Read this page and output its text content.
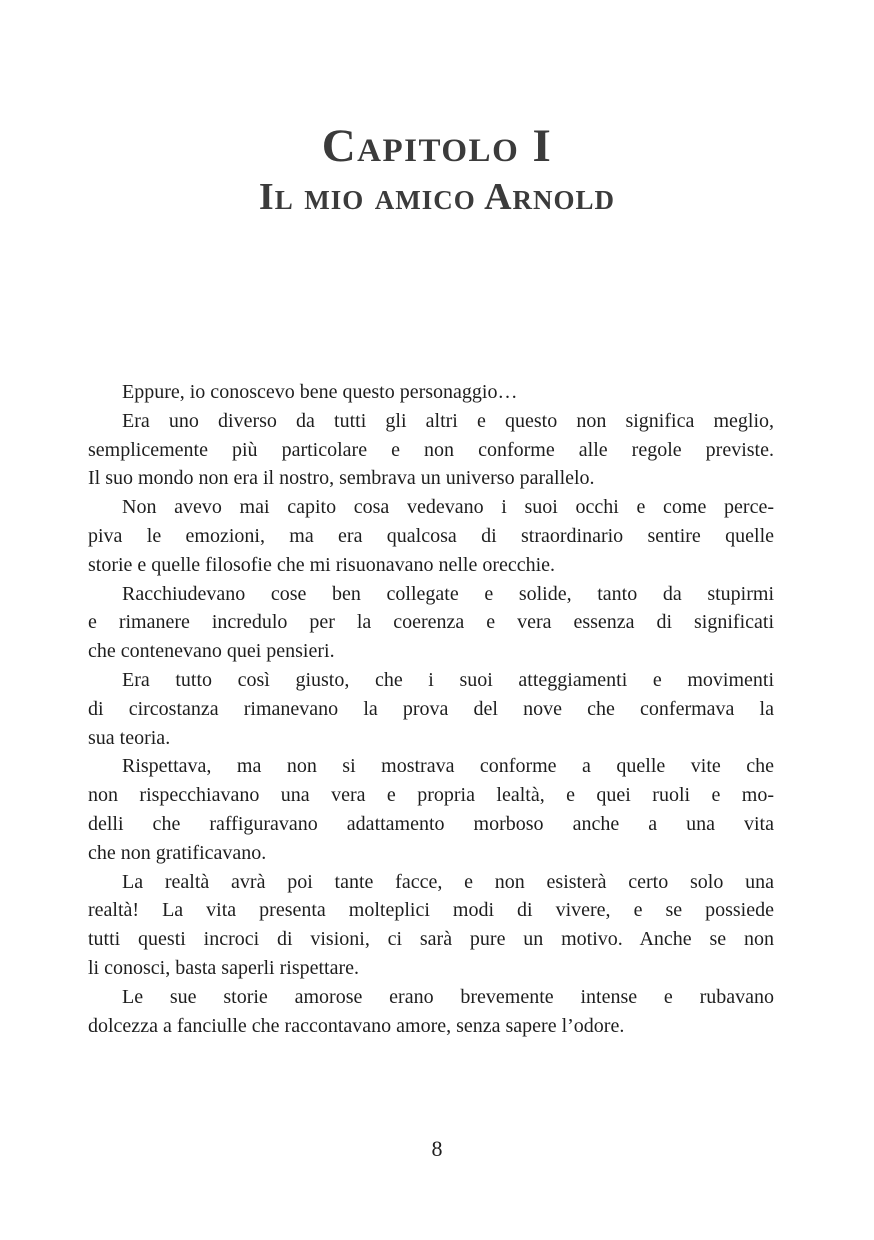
Capitolo I
Il mio amico Arnold
Eppure, io conoscevo bene questo personaggio…
Era uno diverso da tutti gli altri e questo non significa meglio,
semplicemente più particolare e non conforme alle regole previste.
Il suo mondo non era il nostro, sembrava un universo parallelo.
Non avevo mai capito cosa vedevano i suoi occhi e come perce-
piva le emozioni, ma era qualcosa di straordinario sentire quelle
storie e quelle filosofie che mi risuonavano nelle orecchie.
Racchiudevano cose ben collegate e solide, tanto da stupirmi
e rimanere incredulo per la coerenza e vera essenza di significati
che contenevano quei pensieri.
Era tutto così giusto, che i suoi atteggiamenti e movimenti
di circostanza rimanevano la prova del nove che confermava la
sua teoria.
Rispettava, ma non si mostrava conforme a quelle vite che
non rispecchiavano una vera e propria lealtà, e quei ruoli e mo-
delli che raffiguravano adattamento morboso anche a una vita
che non gratificavano.
La realtà avrà poi tante facce, e non esisterà certo solo una
realtà! La vita presenta molteplici modi di vivere, e se possiede
tutti questi incroci di visioni, ci sarà pure un motivo. Anche se non
li conosci, basta saperli rispettare.
Le sue storie amorose erano brevemente intense e rubavano
dolcezza a fanciulle che raccontavano amore, senza sapere l’odore.
8
